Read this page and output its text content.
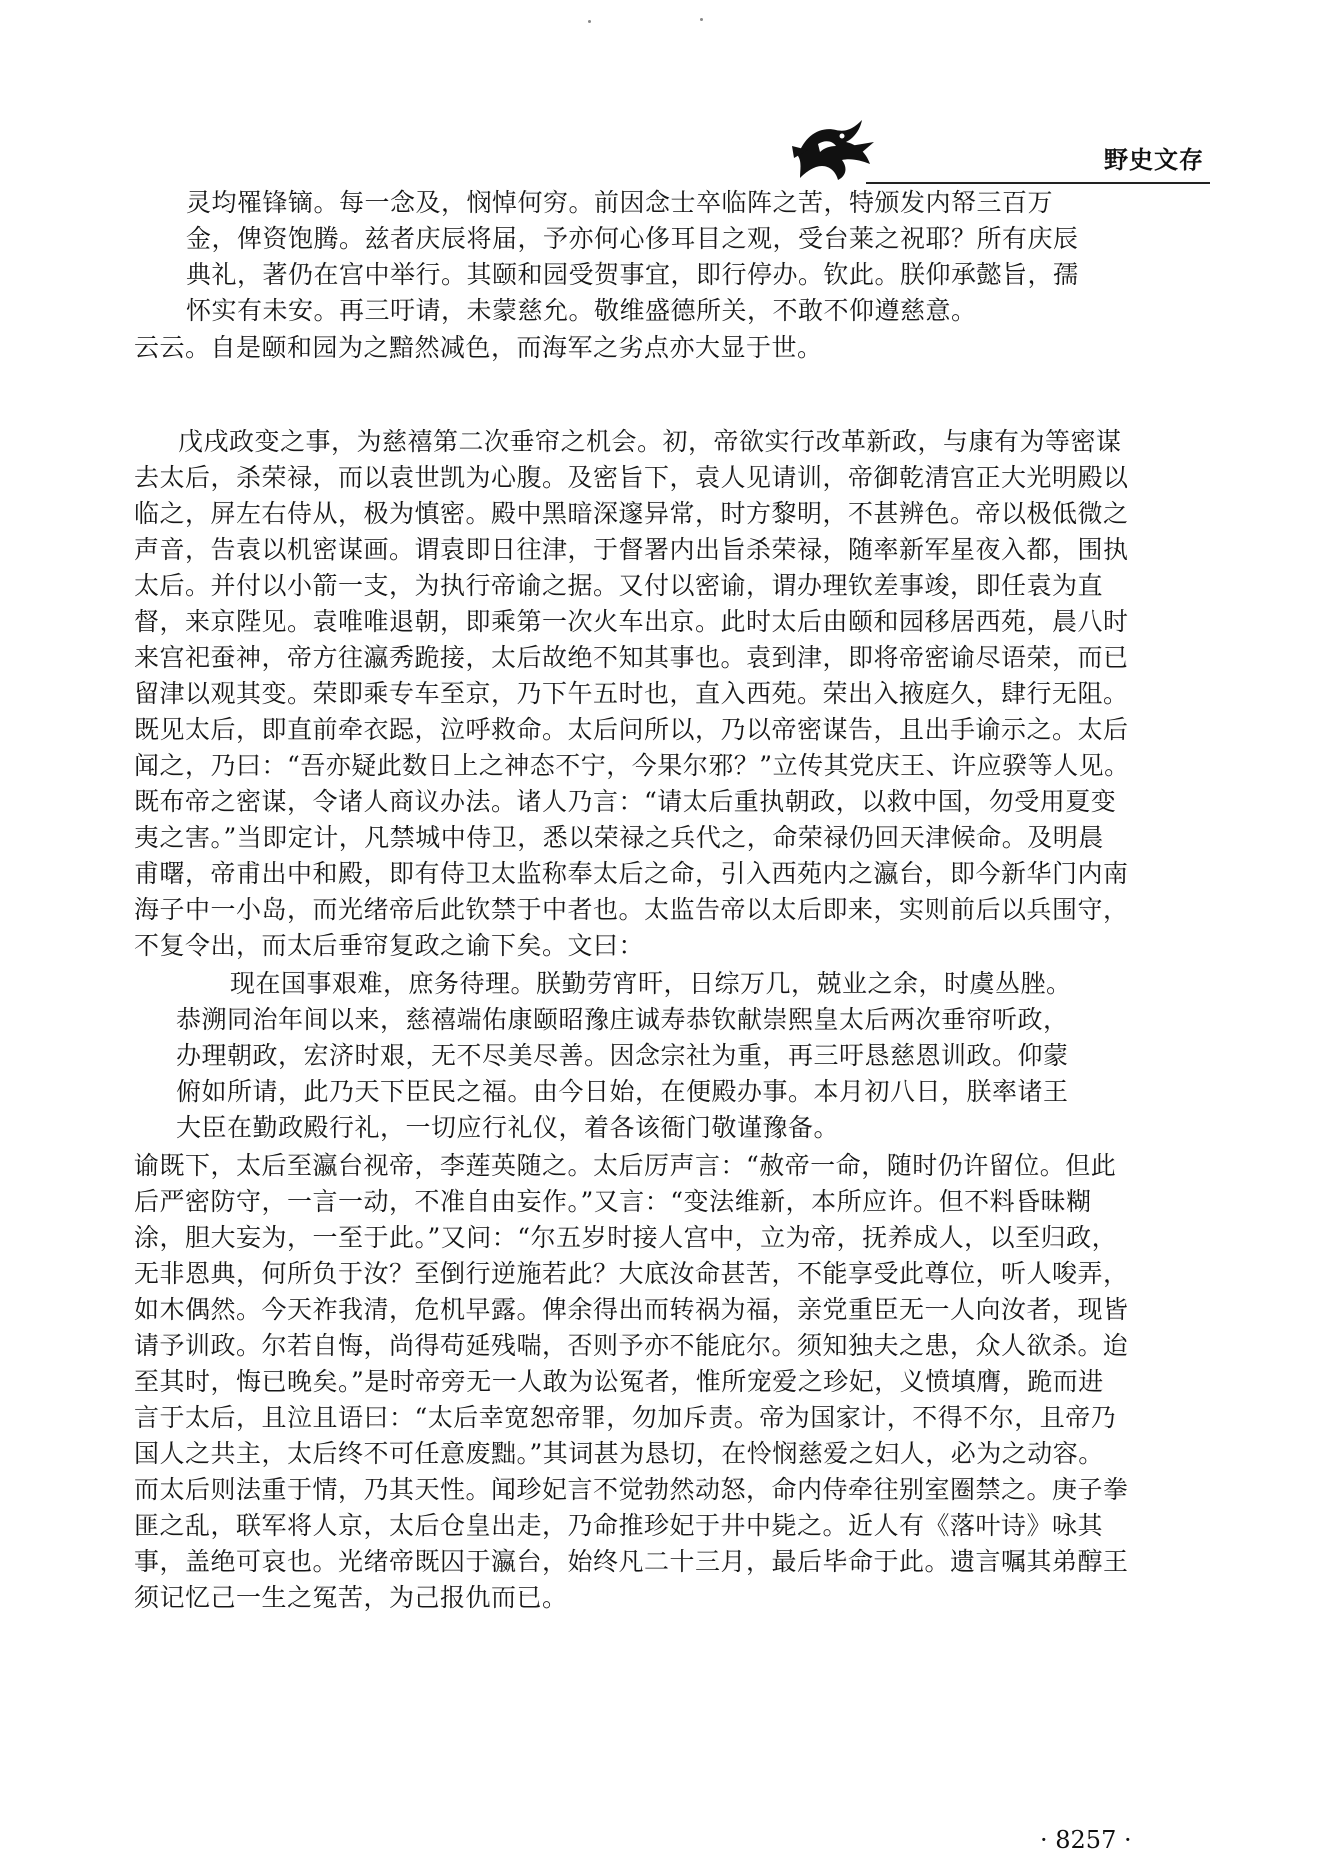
野史文存
灵均罹锋镝。每一念及，悯悼何穷。前因念士卒临阵之苦，特颁发内帑三百万
金，俾资饱腾。兹者庆辰将届，予亦何心侈耳目之观，受台莱之祝耶？所有庆辰
典礼，著仍在宫中举行。其颐和园受贺事宜，即行停办。钦此。朕仰承懿旨，孺
怀实有未安。再三吁请，未蒙慈允。敬维盛德所关，不敢不仰遵慈意。
云云。自是颐和园为之黯然减色，而海军之劣点亦大显于世。
戊戌政变之事，为慈禧第二次垂帘之机会。初，帝欲实行改革新政，与康有为等密谋
去太后，杀荣禄，而以袁世凯为心腹。及密旨下，袁人见请训，帝御乾清宫正大光明殿以
临之，屏左右侍从，极为慎密。殿中黑暗深邃异常，时方黎明，不甚辨色。帝以极低微之
声音，告袁以机密谋画。谓袁即日往津，于督署内出旨杀荣禄，随率新军星夜入都，围执
太后。并付以小箭一支，为执行帝谕之据。又付以密谕，谓办理钦差事竣，即任袁为直
督，来京陛见。袁唯唯退朝，即乘第一次火车出京。此时太后由颐和园移居西苑，晨八时
来宫祀蚕神，帝方往瀛秀跪接，太后故绝不知其事也。袁到津，即将帝密谕尽语荣，而已
留津以观其变。荣即乘专车至京，乃下午五时也，直入西苑。荣出入掖庭久，肆行无阻。
既见太后，即直前牵衣跽，泣呼救命。太后问所以，乃以帝密谋告，且出手谕示之。太后
闻之，乃曰：“吾亦疑此数日上之神态不宁，今果尔邪？”立传其党庆王、许应骙等人见。
既布帝之密谋，令诸人商议办法。诸人乃言：“请太后重执朝政，以救中国，勿受用夏变
夷之害。”当即定计，凡禁城中侍卫，悉以荣禄之兵代之，命荣禄仍回天津候命。及明晨
甫曙，帝甫出中和殿，即有侍卫太监称奉太后之命，引入西苑内之瀛台，即今新华门内南
海子中一小岛，而光绪帝后此钦禁于中者也。太监告帝以太后即来，实则前后以兵围守，
不复令出，而太后垂帘复政之谕下矣。文曰：
现在国事艰难，庶务待理。朕勤劳宵旰，日综万几，兢业之余，时虞丛脞。
恭溯同治年间以来，慈禧端佑康颐昭豫庄诚寿恭钦献崇熙皇太后两次垂帘听政，
办理朝政，宏济时艰，无不尽美尽善。因念宗社为重，再三吁恳慈恩训政。仰蒙
俯如所请，此乃天下臣民之福。由今日始，在便殿办事。本月初八日，朕率诸王
大臣在勤政殿行礼，一切应行礼仪，着各该衙门敬谨豫备。
谕既下，太后至瀛台视帝，李莲英随之。太后厉声言：“赦帝一命，随时仍许留位。但此
后严密防守，一言一动，不准自由妄作。”又言：“变法维新，本所应许。但不料昏昧糊
涂，胆大妄为，一至于此。”又问：“尔五岁时接人宫中，立为帝，抚养成人，以至归政，
无非恩典，何所负于汝？至倒行逆施若此？大底汝命甚苦，不能享受此尊位，听人唆弄，
如木偶然。今天祚我清，危机早露。俾余得出而转祸为福，亲党重臣无一人向汝者，现皆
请予训政。尔若自悔，尚得苟延残喘，否则予亦不能庇尔。须知独夫之患，众人欲杀。迨
至其时，悔已晚矣。”是时帝旁无一人敢为讼冤者，惟所宠爱之珍妃，义愤填膺，跪而进
言于太后，且泣且语曰：“太后幸宽恕帝罪，勿加斥责。帝为国家计，不得不尔，且帝乃
国人之共主，太后终不可任意废黜。”其词甚为恳切，在怜悯慈爱之妇人，必为之动容。
而太后则法重于情，乃其天性。闻珍妃言不觉勃然动怒，命内侍牵往别室圈禁之。庚子拳
匪之乱，联军将人京，太后仓皇出走，乃命推珍妃于井中毙之。近人有《落叶诗》咏其
事，盖绝可哀也。光绪帝既囚于瀛台，始终凡二十三月，最后毕命于此。遗言嘱其弟醇王
须记忆己一生之冤苦，为己报仇而已。
· 8257 ·
